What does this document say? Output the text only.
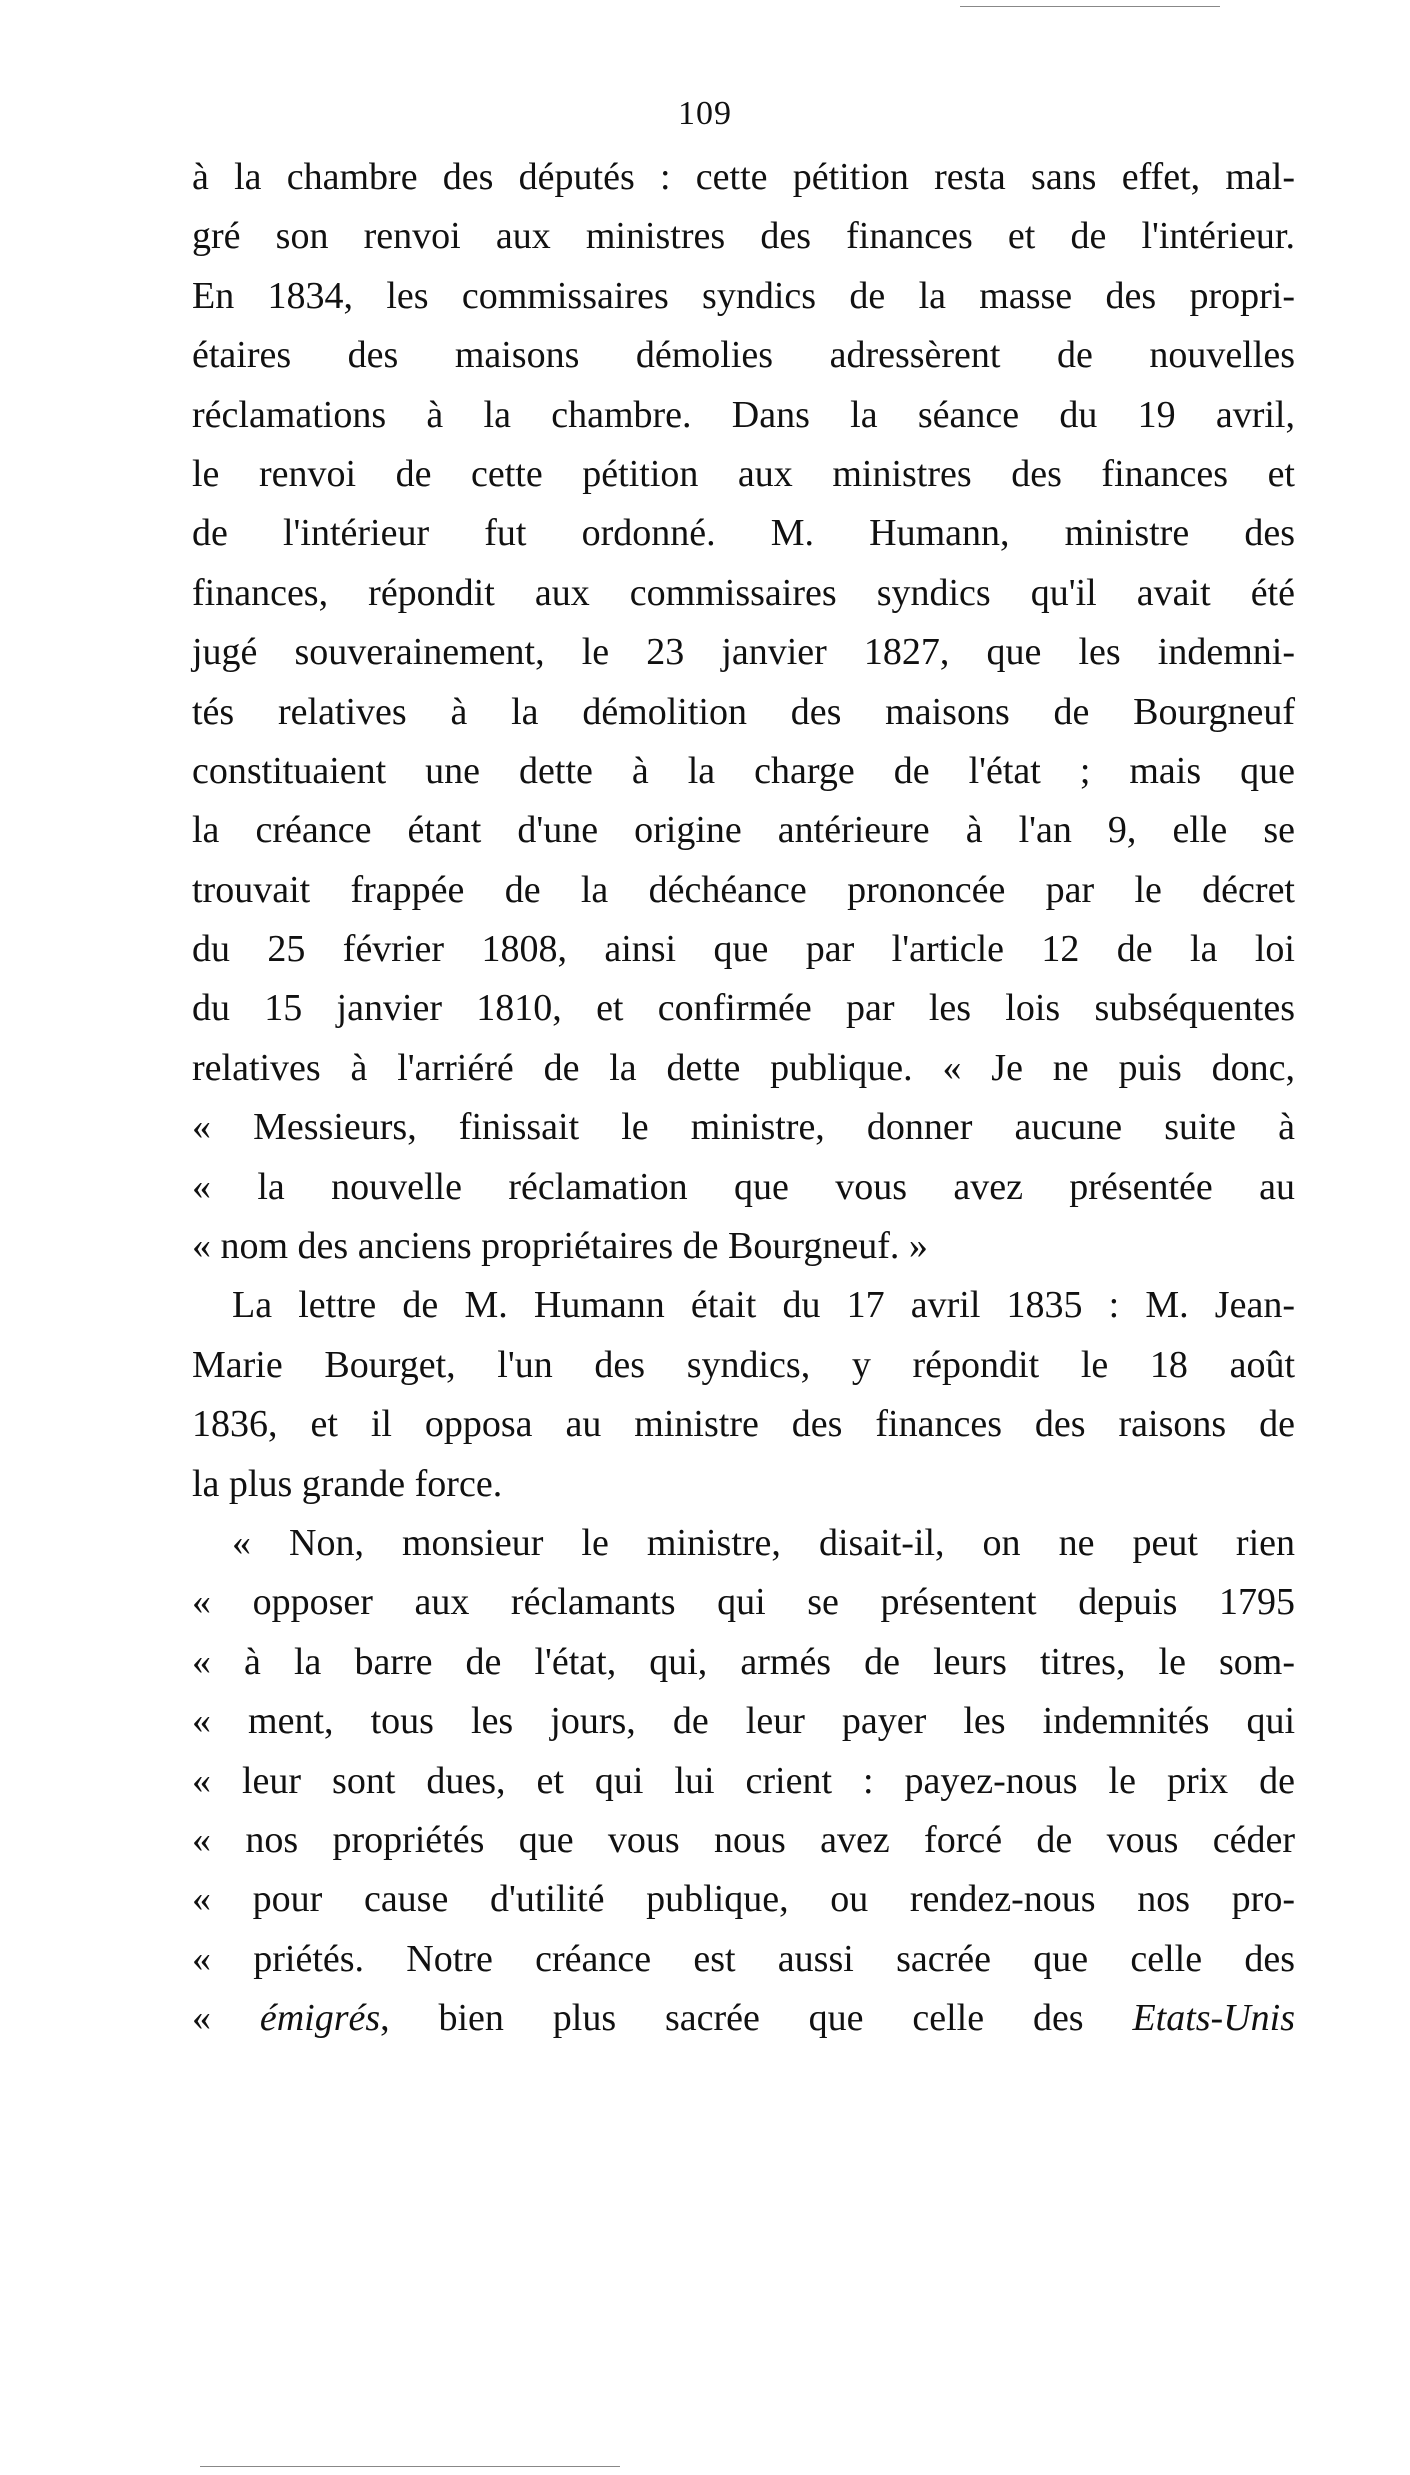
109
à la chambre des députés : cette pétition resta sans effet, mal-
gré son renvoi aux ministres des finances et de l'intérieur.
En 1834, les commissaires syndics de la masse des propri-
étaires des maisons démolies adressèrent de nouvelles
réclamations à la chambre. Dans la séance du 19 avril,
le renvoi de cette pétition aux ministres des finances et
de l'intérieur fut ordonné. M. Humann, ministre des
finances, répondit aux commissaires syndics qu'il avait été
jugé souverainement, le 23 janvier 1827, que les indemni-
tés relatives à la démolition des maisons de Bourgneuf
constituaient une dette à la charge de l'état ; mais que
la créance étant d'une origine antérieure à l'an 9, elle se
trouvait frappée de la déchéance prononcée par le décret
du 25 février 1808, ainsi que par l'article 12 de la loi
du 15 janvier 1810, et confirmée par les lois subséquentes
relatives à l'arriéré de la dette publique. « Je ne puis donc,
« Messieurs, finissait le ministre, donner aucune suite à
« la nouvelle réclamation que vous avez présentée au
« nom des anciens propriétaires de Bourgneuf. »
La lettre de M. Humann était du 17 avril 1835 : M. Jean-
Marie Bourget, l'un des syndics, y répondit le 18 août
1836, et il opposa au ministre des finances des raisons de
la plus grande force.
« Non, monsieur le ministre, disait-il, on ne peut rien
« opposer aux réclamants qui se présentent depuis 1795
« à la barre de l'état, qui, armés de leurs titres, le som-
« ment, tous les jours, de leur payer les indemnités qui
« leur sont dues, et qui lui crient : payez-nous le prix de
« nos propriétés que vous nous avez forcé de vous céder
« pour cause d'utilité publique, ou rendez-nous nos pro-
« priétés. Notre créance est aussi sacrée que celle des
« émigrés, bien plus sacrée que celle des Etats-Unis
